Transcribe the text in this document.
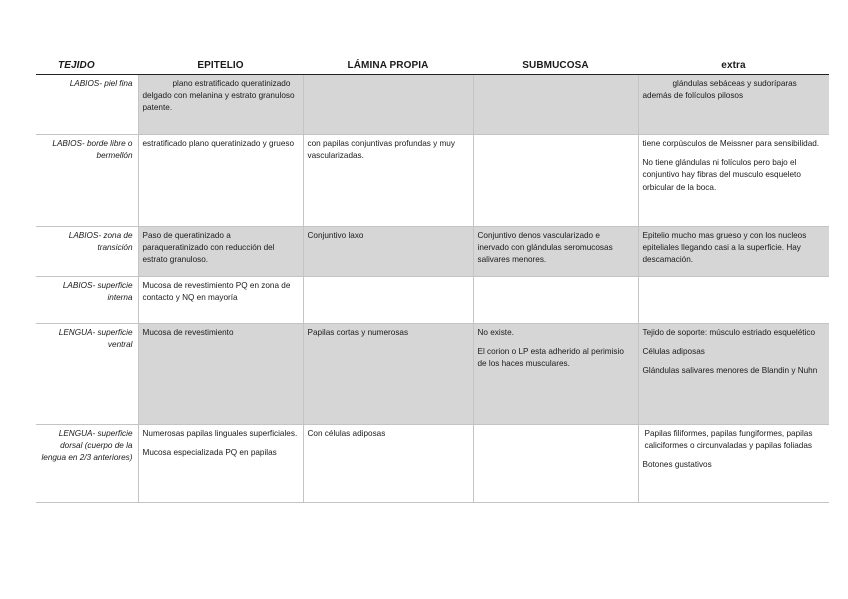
TEJIDO	EPITELIO	LÁMINA PROPIA	SUBMUCOSA	extra
LABIOS- piel fina	plano estratificado queratinizado delgado con melanina y estrato granuloso patente.			glándulas sebáceas y sudoríparas además de folículos pilosos

LABIOS- borde libre o bermellón	estratificado plano queratinizado y grueso	con papilas conjuntivas profundas y muy vascularizadas.		tiene corpúsculos de Meissner para sensibilidad.
No tiene glándulas ni folículos pero bajo el conjuntivo hay fibras del musculo esqueleto orbicular de la boca.

LABIOS- zona de transición	Paso de queratinizado a paraqueratinizado con reducción del estrato granuloso.	Conjuntivo laxo	Conjuntivo denos vascularizado e inervado con glándulas seromucosas salivares menores.	Epitelio mucho mas grueso y con los nucleos epiteliales llegando casi a la superficie. Hay descamación.

LABIOS- superficie interna	Mucosa de revestimiento PQ en zona de contacto y NQ en mayoría			

LENGUA- superficie ventral	Mucosa de revestimiento	Papilas cortas y numerosas	No existe.
El corion o LP esta adherido al perimisio de los haces musculares.	Tejido de soporte: músculo estriado esquelético
Células adiposas
Glándulas salivares menores de Blandin y Nuhn

LENGUA- superficie dorsal (cuerpo de la lengua en 2/3 anteriores)	Numerosas papilas linguales superficiales.
Mucosa especializada PQ en papilas	Con células adiposas		Papilas filiformes, papilas fungiformes, papilas caliciformes o circunvaladas y papilas foliadas
Botones gustativos
